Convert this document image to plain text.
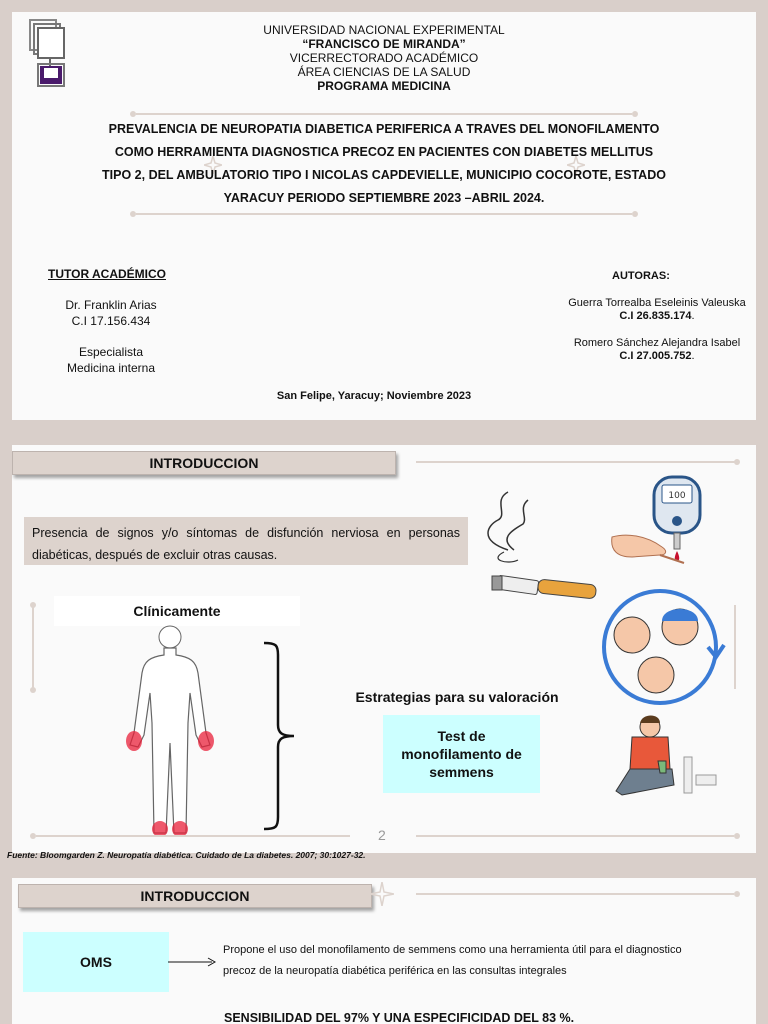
UNIVERSIDAD NACIONAL EXPERIMENTAL
“FRANCISCO DE MIRANDA”
VICERRECTORADO ACADÉMICO
ÁREA CIENCIAS DE LA SALUD
PROGRAMA MEDICINA
PREVALENCIA DE NEUROPATIA DIABETICA PERIFERICA A TRAVES DEL MONOFILAMENTO
COMO HERRAMIENTA DIAGNOSTICA PRECOZ EN PACIENTES CON DIABETES MELLITUS
TIPO 2, DEL AMBULATORIO TIPO I NICOLAS CAPDEVIELLE, MUNICIPIO COCOROTE, ESTADO
YARACUY PERIODO SEPTIEMBRE 2023 –ABRIL 2024.
TUTOR ACADÉMICO
Dr. Franklin Arias
C.I 17.156.434
Especialista
Medicina interna
AUTORAS:
Guerra Torrealba Eseleinis Valeuska
C.I 26.835.174.
Romero Sánchez Alejandra Isabel
C.I 27.005.752.
San Felipe, Yaracuy; Noviembre 2023
INTRODUCCION
Presencia de signos y/o síntomas de disfunción nerviosa en personas diabéticas, después de excluir otras causas.
100
Clínicamente
Estrategias para su valoración
Test de
monofilamento de
semmens
2
Fuente: Bloomgarden Z. Neuropatía diabética. Cuidado de La diabetes. 2007; 30:1027-32.
INTRODUCCION
OMS
Propone el uso del monofilamento de semmens como una herramienta útil para el diagnostico
precoz de la neuropatía diabética periférica en las consultas integrales
SENSIBILIDAD DEL 97% Y UNA ESPECIFICIDAD DEL 83 %.
